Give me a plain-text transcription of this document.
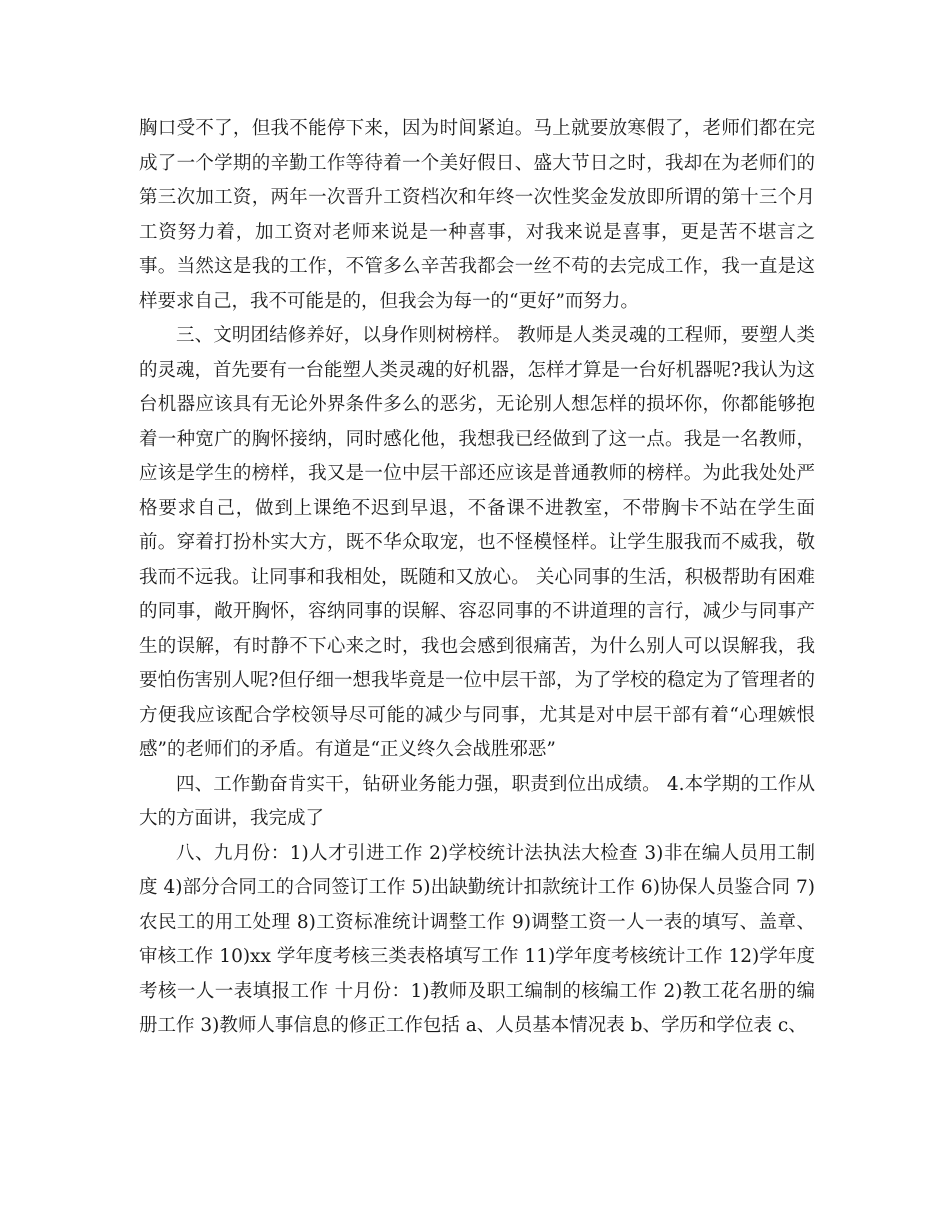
胸口受不了，但我不能停下来，因为时间紧迫。马上就要放寒假了，老师们都在完成了一个学期的辛勤工作等待着一个美好假日、盛大节日之时，我却在为老师们的第三次加工资，两年一次晋升工资档次和年终一次性奖金发放即所谓的第十三个月工资努力着，加工资对老师来说是一种喜事，对我来说是喜事，更是苦不堪言之事。当然这是我的工作，不管多么辛苦我都会一丝不苟的去完成工作，我一直是这样要求自己，我不可能是的，但我会为每一的“更好”而努力。

三、文明团结修养好，以身作则树榜样。 教师是人类灵魂的工程师，要塑人类的灵魂，首先要有一台能塑人类灵魂的好机器，怎样才算是一台好机器呢?我认为这台机器应该具有无论外界条件多么的恶劣，无论别人想怎样的损坏你，你都能够抱着一种宽广的胸怀接纳，同时感化他，我想我已经做到了这一点。我是一名教师，应该是学生的榜样，我又是一位中层干部还应该是普通教师的榜样。为此我处处严格要求自己，做到上课绝不迟到早退，不备课不进教室，不带胸卡不站在学生面前。穿着打扮朴实大方，既不华众取宠，也不怪模怪样。让学生服我而不威我，敬我而不远我。让同事和我相处，既随和又放心。 关心同事的生活，积极帮助有困难的同事，敞开胸怀，容纳同事的误解、容忍同事的不讲道理的言行，减少与同事产生的误解，有时静不下心来之时，我也会感到很痛苦，为什么别人可以误解我，我要怕伤害别人呢?但仔细一想我毕竟是一位中层干部，为了学校的稳定为了管理者的方便我应该配合学校领导尽可能的减少与同事，尤其是对中层干部有着“心理嫉恨感”的老师们的矛盾。有道是“正义终久会战胜邪恶”

四、工作勤奋肯实干，钻研业务能力强，职责到位出成绩。 4.本学期的工作从大的方面讲，我完成了

八、九月份：1)人才引进工作 2)学校统计法执法大检查 3)非在编人员用工制度 4)部分合同工的合同签订工作 5)出缺勤统计扣款统计工作 6)协保人员鉴合同 7)农民工的用工处理 8)工资标准统计调整工作 9)调整工资一人一表的填写、盖章、审核工作 10)xx 学年度考核三类表格填写工作 11)学年度考核统计工作 12)学年度考核一人一表填报工作 十月份：1)教师及职工编制的核编工作 2)教工花名册的编册工作 3)教师人事信息的修正工作包括 a、人员基本情况表 b、学历和学位表 c、
